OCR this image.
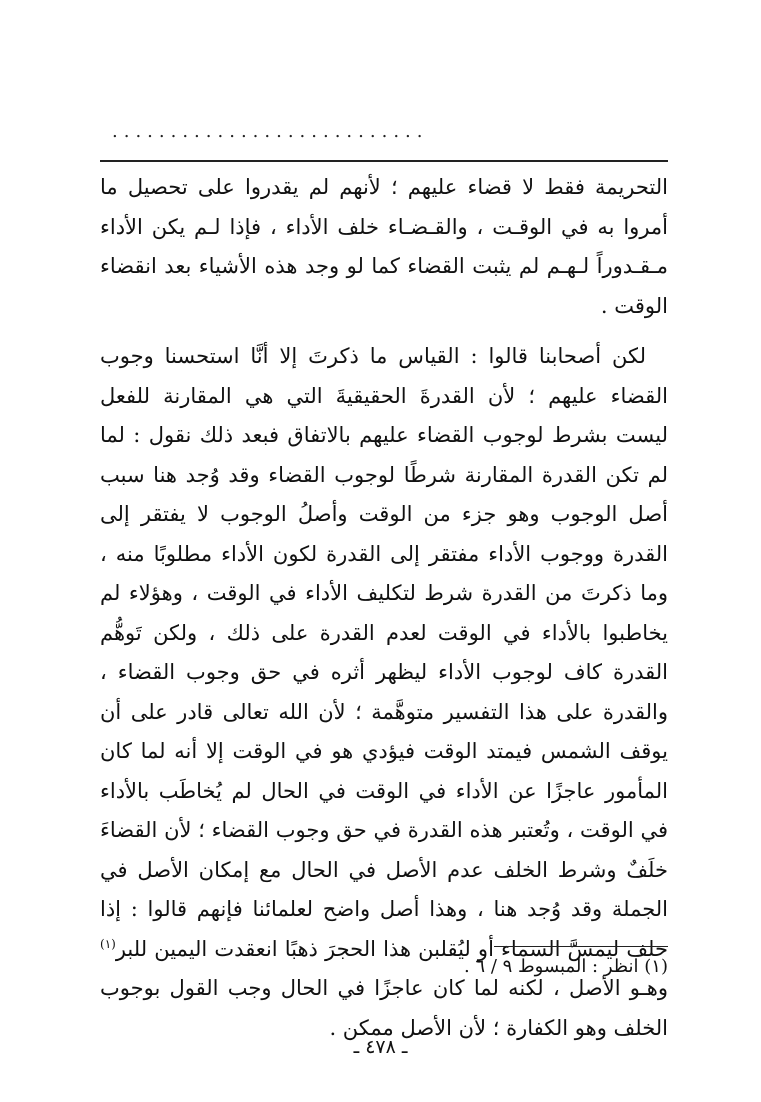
...........................

التحريمة فقط لا قضاء عليهم ؛ لأنهم لم يقدروا على تحصيل ما أمروا به في الوقـت ، والقـضـاء خلف الأداء ، فإذا لـم يكن الأداء مـقـدوراً لـهـم لم يثبت القضاء كما لو وجد هذه الأشياء بعد انقضاء الوقت .

لكن أصحابنا قالوا : القياس ما ذكرتَ إلا أنَّا استحسنا وجوب القضاء عليهم ؛ لأن القدرةَ الحقيقيةَ التي هي المقارنة للفعل ليست بشرط لوجوب القضاء عليهم بالاتفاق فبعد ذلك نقول : لما لم تكن القدرة المقارنة شرطًا لوجوب القضاء وقد وُجد هنا سبب أصل الوجوب وهو جزء من الوقت وأصلُ الوجوب لا يفتقر إلى القدرة ووجوب الأداء مفتقر إلى القدرة لكون الأداء مطلوبًا منه ، وما ذكرتَ من القدرة شرط لتكليف الأداء في الوقت ، وهؤلاء لم يخاطبوا بالأداء في الوقت لعدم القدرة على ذلك ، ولكن تَوهُّم القدرة كاف لوجوب الأداء ليظهر أثره في حق وجوب القضاء ، والقدرة على هذا التفسير متوهَّمة ؛ لأن الله تعالى قادر على أن يوقف الشمس فيمتد الوقت فيؤدي هو في الوقت إلا أنه لما كان المأمور عاجزًا عن الأداء في الوقت في الحال لم يُخاطَب بالأداء في الوقت ، وتُعتبر هذه القدرة في حق وجوب القضاء ؛ لأن القضاءَ خلَفٌ وشرط الخلف عدم الأصل في الحال مع إمكان الأصل في الجملة وقد وُجد هنا ، وهذا أصل واضح لعلمائنا فإنهم قالوا : إذا حلف ليمسَّ السماء أو ليُقلبن هذا الحجرَ ذهبًا انعقدت اليمين للبر$^{(١)}$ وهـو الأصل ، لكنه لما كان عاجزًا في الحال وجب القول بوجوب الخلف وهو الكفارة ؛ لأن الأصل ممكن .

(١) انظر : المبسوط ٩ / ٦ .
ـ ٤٧٨ ـ
